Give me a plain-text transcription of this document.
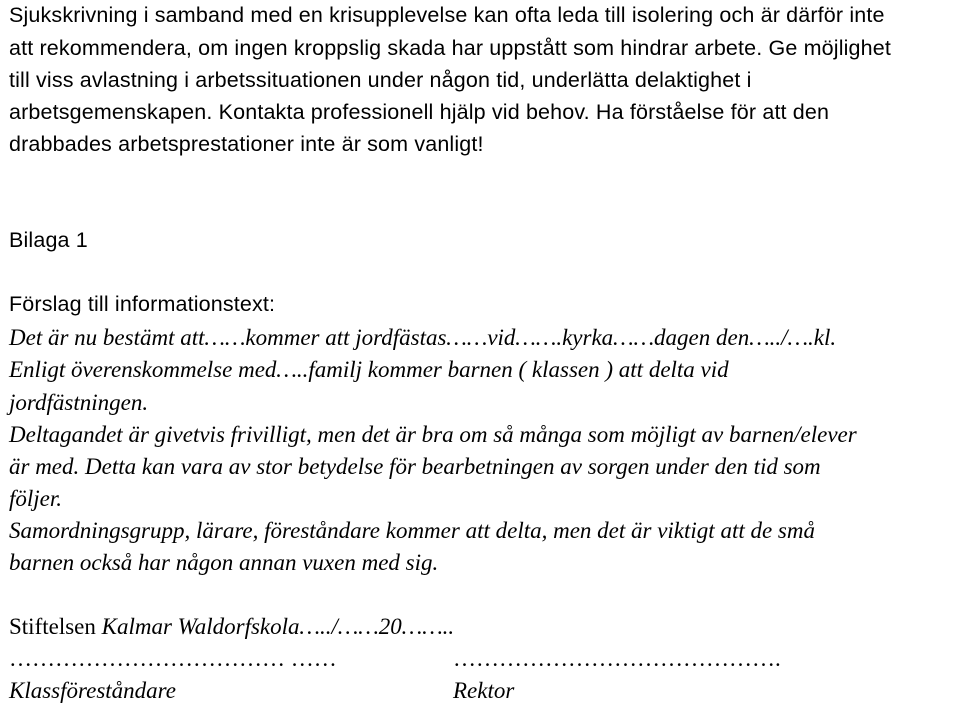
Sjukskrivning i samband med en krisupplevelse kan ofta leda till isolering och är därför inte
att rekommendera, om ingen kroppslig skada har uppstått som hindrar arbete. Ge möjlighet
till viss avlastning i arbetssituationen under någon tid, underlätta delaktighet i
arbetsgemenskapen. Kontakta professionell hjälp vid behov. Ha förståelse för att den
drabbades arbetsprestationer inte är som vanligt!
Bilaga 1
Förslag till informationstext:
Det är nu bestämt att……kommer att jordfästas……vid…….kyrka……dagen den…../….kl.
Enligt överenskommelse med…..familj kommer barnen ( klassen ) att delta vid
jordfästningen.
Deltagandet är givetvis frivilligt, men det är bra om så många som möjligt av barnen/elever
är med. Detta kan vara av stor betydelse för bearbetningen av sorgen under den tid som
följer.
Samordningsgrupp, lärare, föreståndare kommer att delta, men det är viktigt att de små
barnen också har någon annan vuxen med sig.
Stiftelsen Kalmar Waldorfskola…../……20……..
……………………………… ……	…………………………………….
Klassföreståndare	Rektor
